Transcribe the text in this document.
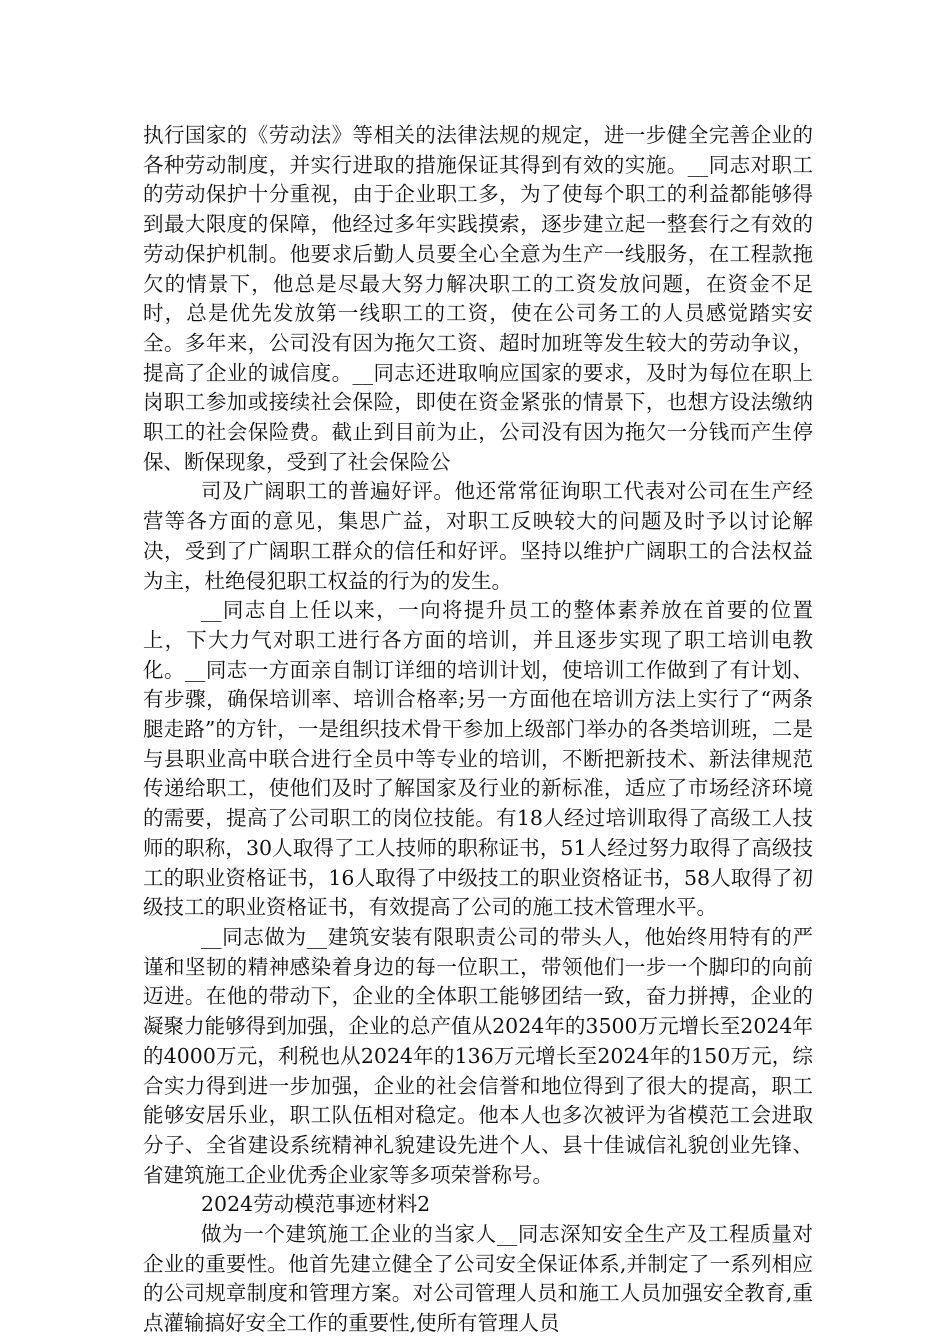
执行国家的《劳动法》等相关的法律法规的规定，进一步健全完善企业的各种劳动制度，并实行进取的措施保证其得到有效的实施。__同志对职工的劳动保护十分重视，由于企业职工多，为了使每个职工的利益都能够得到最大限度的保障，他经过多年实践摸索，逐步建立起一整套行之有效的劳动保护机制。他要求后勤人员要全心全意为生产一线服务，在工程款拖欠的情景下，他总是尽最大努力解决职工的工资发放问题，在资金不足时，总是优先发放第一线职工的工资，使在公司务工的人员感觉踏实安全。多年来，公司没有因为拖欠工资、超时加班等发生较大的劳动争议，提高了企业的诚信度。__同志还进取响应国家的要求，及时为每位在职上岗职工参加或接续社会保险，即使在资金紧张的情景下，也想方设法缴纳职工的社会保险费。截止到目前为止，公司没有因为拖欠一分钱而产生停保、断保现象，受到了社会保险公

司及广阔职工的普遍好评。他还常常征询职工代表对公司在生产经营等各方面的意见，集思广益，对职工反映较大的问题及时予以讨论解决，受到了广阔职工群众的信任和好评。坚持以维护广阔职工的合法权益为主，杜绝侵犯职工权益的行为的发生。

__同志自上任以来，一向将提升员工的整体素养放在首要的位置上，下大力气对职工进行各方面的培训，并且逐步实现了职工培训电教化。__同志一方面亲自制订详细的培训计划，使培训工作做到了有计划、有步骤，确保培训率、培训合格率;另一方面他在培训方法上实行了“两条腿走路”的方针，一是组织技术骨干参加上级部门举办的各类培训班，二是与县职业高中联合进行全员中等专业的培训，不断把新技术、新法律规范传递给职工，使他们及时了解国家及行业的新标准，适应了市场经济环境的需要，提高了公司职工的岗位技能。有18人经过培训取得了高级工人技师的职称，30人取得了工人技师的职称证书，51人经过努力取得了高级技工的职业资格证书，16人取得了中级技工的职业资格证书，58人取得了初级技工的职业资格证书，有效提高了公司的施工技术管理水平。

__同志做为__建筑安装有限职责公司的带头人，他始终用特有的严谨和坚韧的精神感染着身边的每一位职工，带领他们一步一个脚印的向前迈进。在他的带动下，企业的全体职工能够团结一致，奋力拼搏，企业的凝聚力能够得到加强，企业的总产值从2024年的3500万元增长至2024年的4000万元，利税也从2024年的136万元增长至2024年的150万元，综合实力得到进一步加强，企业的社会信誉和地位得到了很大的提高，职工能够安居乐业，职工队伍相对稳定。他本人也多次被评为省模范工会进取分子、全省建设系统精神礼貌建设先进个人、县十佳诚信礼貌创业先锋、省建筑施工企业优秀企业家等多项荣誉称号。

2024劳动模范事迹材料2

做为一个建筑施工企业的当家人__同志深知安全生产及工程质量对企业的重要性。他首先建立健全了公司安全保证体系,并制定了一系列相应的公司规章制度和管理方案。对公司管理人员和施工人员加强安全教育,重点灌输搞好安全工作的重要性,使所有管理人员
